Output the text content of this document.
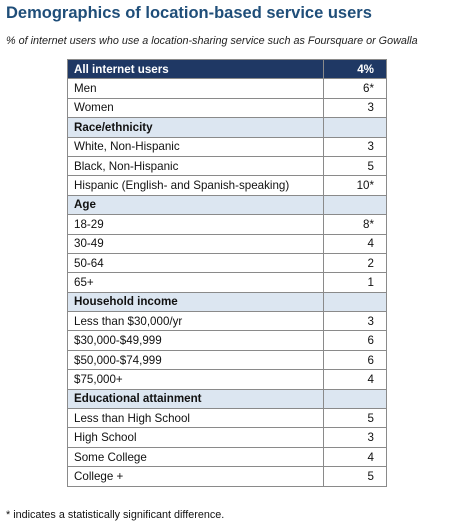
Demographics of location-based service users
% of internet users who use a location-sharing service such as Foursquare or Gowalla
All internet users	4%
Men	6*
Women	3
Race/ethnicity	
White, Non-Hispanic	3
Black, Non-Hispanic	5
Hispanic (English- and Spanish-speaking)	10*
Age	
18-29	8*
30-49	4
50-64	2
65+	1
Household income	
Less than $30,000/yr	3
$30,000-$49,999	6
$50,000-$74,999	6
$75,000+	4
Educational attainment	
Less than High School	5
High School	3
Some College	4
College +	5
* indicates a statistically significant difference.
